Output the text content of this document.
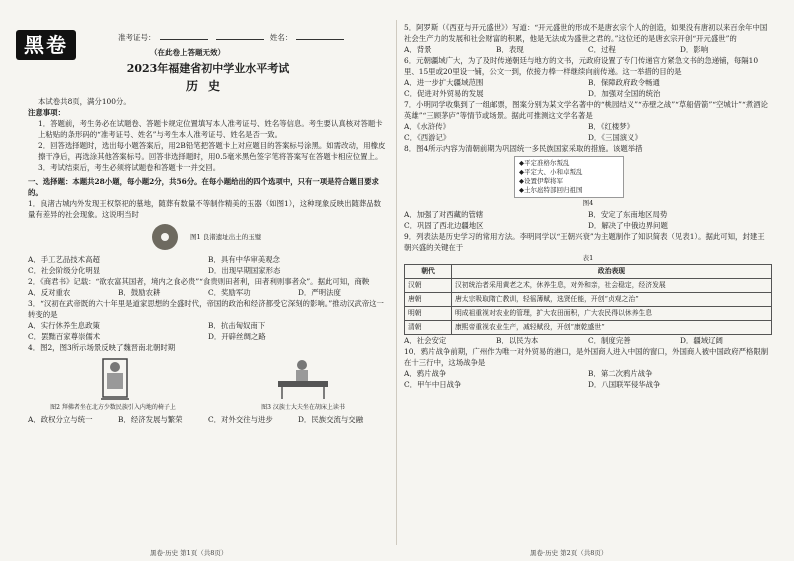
黑卷	准考证号：	姓名：
（在此卷上答题无效）
2023年福建省初中学业水平考试
历史

本试卷共8页，满分100分。

注意事项：

1．答题前，考生务必在试题卷、答题卡规定位置填写本人准考证号、姓名等信息。考生要认真核对答题卡上粘贴的条形码的“准考证号、姓名”与考生本人准考证号、姓名是否一致。

2．回答选择题时，选出每小题答案后，用2B铅笔把答题卡上对应题目的答案标号涂黑。如需改动，用橡皮擦干净后，再选涂其他答案标号。回答非选择题时，用0.5毫米黑色签字笔将答案写在答题卡相应位置上。

3．考试结束后，考生必须将试题卷和答题卡一并交回。

一、选择题：本题共28小题，每小题2分，共56分。在每小题给出的四个选项中，只有一项是符合题目要求的。

1．良渚古城内外发现王权祭祀的墓地，随葬有数量不等制作精美的玉器（如图1），这种现象反映出随葬品数量有差异的社会现象。这说明当时

图1 良渚遗址出土的玉璧
A．手工艺品技术高超	B．具有中华审美观念
C．社会阶级分化明显	D．出现早期国家形态

2．《商君书》记载：“欲农富其国者，境内之食必贵”“食贵则田者利，田者利则事者众”。据此可知，商鞅

A．反对重农	B．鼓励农耕	C．奖励军功	D．严明法度

3．“汉初在武帝既的六十年里是道家思想的全盛时代，帝国的政治和经济都受它深刻的影响。”推动汉武帝这一转变的是

A．实行休养生息政策	B．抗击匈奴南下
C．罢黜百家尊崇儒术	D．开辟丝绸之路

4．图2，图3所示场景反映了魏晋南北朝时期

图2 拜佛者坐在北方少数民族引入内地的椅子上	图3 汉族士大夫坐在胡床上读书
A．政权分立与统一	B．经济发展与繁荣	C．对外交往与进步	D．民族交流与交融

5．阿罗斯（《西亚与开元盛世》）写道：“开元盛世的形成不是唐玄宗个人的创造，如果没有唐初以来百余年中国社会生产力的发展和社会财富的积累，他是无法成为盛世之君的。”这位还的是唐玄宗开创“开元盛世”的

A．背景	B．表现	C．过程	D．影响

6．元朝疆域广大，为了及时传递朝廷与地方的文书，元政府设置了专门传递官方紧急文书的急递铺，每隔10里、15里或20里设一铺，公文一到，依接力棒一样继续向前传递。这一举措的目的是

A．进一步扩大疆域范围	B．保障政府政令畅通
C．促进对外贸易的发展	D．加强对全国的统治

7．小明同学收集到了一组邮票，图案分别为某文学名著中的“桃园结义”“赤壁之战”“草船借箭”“空城计”“煮酒论英雄”“三顾茅庐”等情节或场景。据此可推测这文学名著是

A．《水浒传》	B．《红楼梦》
C．《西游记》	D．《三国演义》

8．图4所示内容为清朝前期为巩固统一多民族国家采取的措施。该题举措

◆平定准格尔叛乱
◆平定大、小和卓叛乱
◆设置伊犁将军
◆土尔扈特部回归祖国
图4
A．加强了对西藏的管辖	B．安定了东南地区局势
C．巩固了西北边疆地区	D．解决了中俄边界问题

9．列表法是历史学习的常用方法。李明同学以“王朝兴衰”为主题制作了知识简表（见表1）。据此可知，封建王朝兴盛的关键在于

表1
朝代	政治表现
汉朝	汉初统治者采用黄老之术，休养生息，对外和亲，社会稳定，经济发展
唐朝	唐太宗吸取隋亡教训，轻徭薄赋，选贤任能，开创“贞观之治”
明朝	明成祖重视对农业的管理，扩大农田面积，广大农民得以休养生息
清朝	康熙帝重视农业生产，减轻赋役，开创“康乾盛世”
A．社会安定	B．以民为本	C．制度完善	D．疆域辽阔

10．鸦片战争前期，广州作为唯一对外贸易的港口，是外国商人进入中国的窗口，外国商人被中国政府严格限制在十三行中，这场战争是

A．鸦片战争	B．第二次鸦片战争
C．甲午中日战争	D．八国联军侵华战争
黑卷·历史 第1页（共8页）	黑卷·历史 第2页（共8页）
